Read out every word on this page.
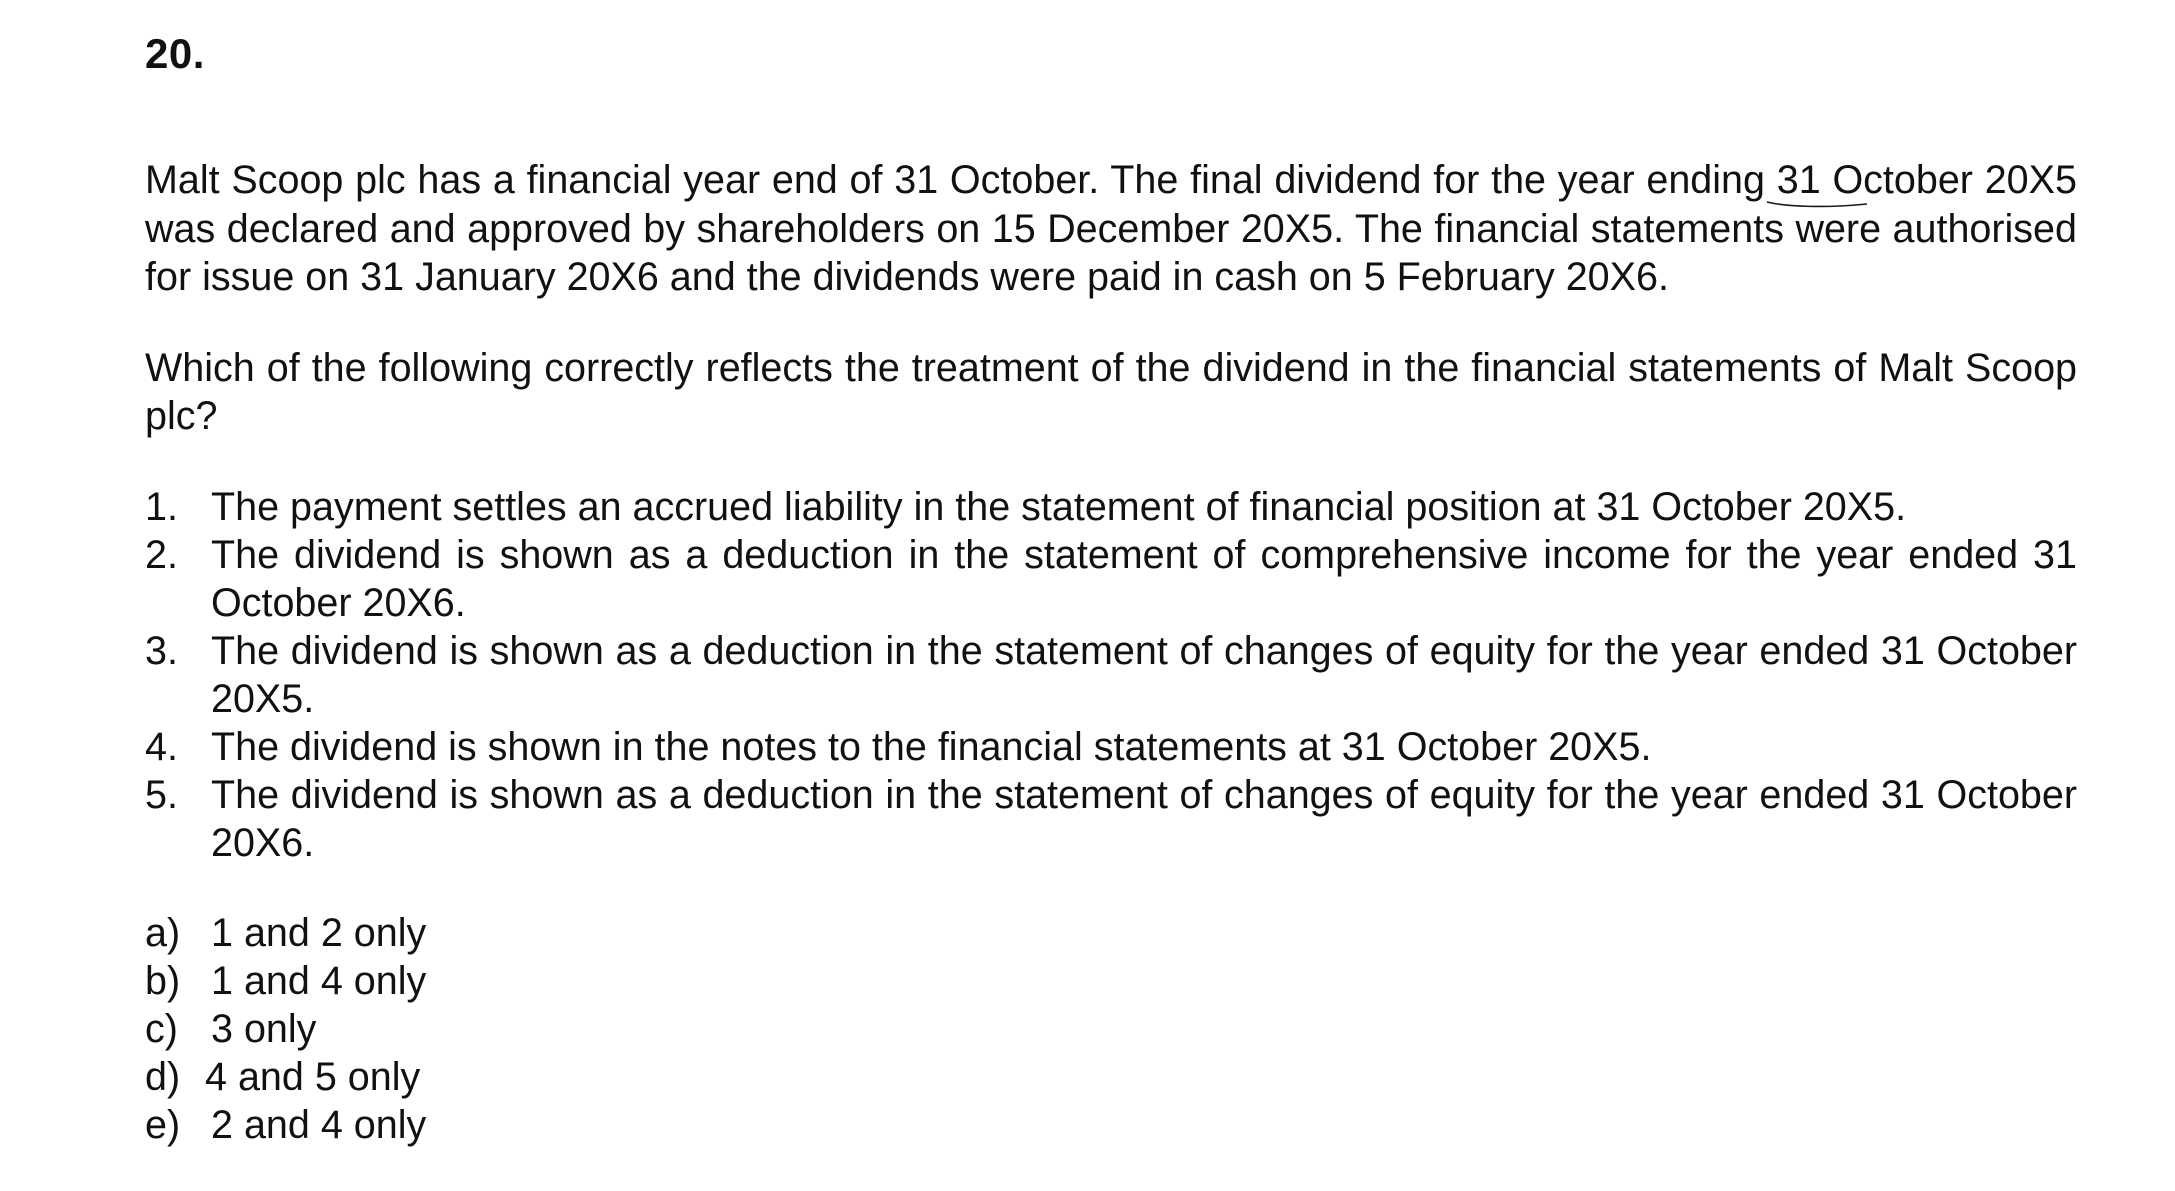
20.

Malt Scoop plc has a financial year end of 31 October. The final dividend for the year ending 31 October
20X5 was declared and approved by shareholders on 15 December 20X5. The financial statements were authorised for issue on 31 January 20X6 and the dividends were paid in cash on 5 February 20X6.

Which of the following correctly reflects the treatment of the dividend in the financial statements of Malt Scoop plc?

1. The payment settles an accrued liability in the statement of financial position at 31 October 20X5.
2. The dividend is shown as a deduction in the statement of comprehensive income for the year ended 31 October 20X6.
3. The dividend is shown as a deduction in the statement of changes of equity for the year ended 31 October 20X5.
4. The dividend is shown in the notes to the financial statements at 31 October 20X5.
5. The dividend is shown as a deduction in the statement of changes of equity for the year ended 31 October 20X6.
a) 1 and 2 only
b) 1 and 4 only
c) 3 only
d) 4 and 5 only
e) 2 and 4 only
